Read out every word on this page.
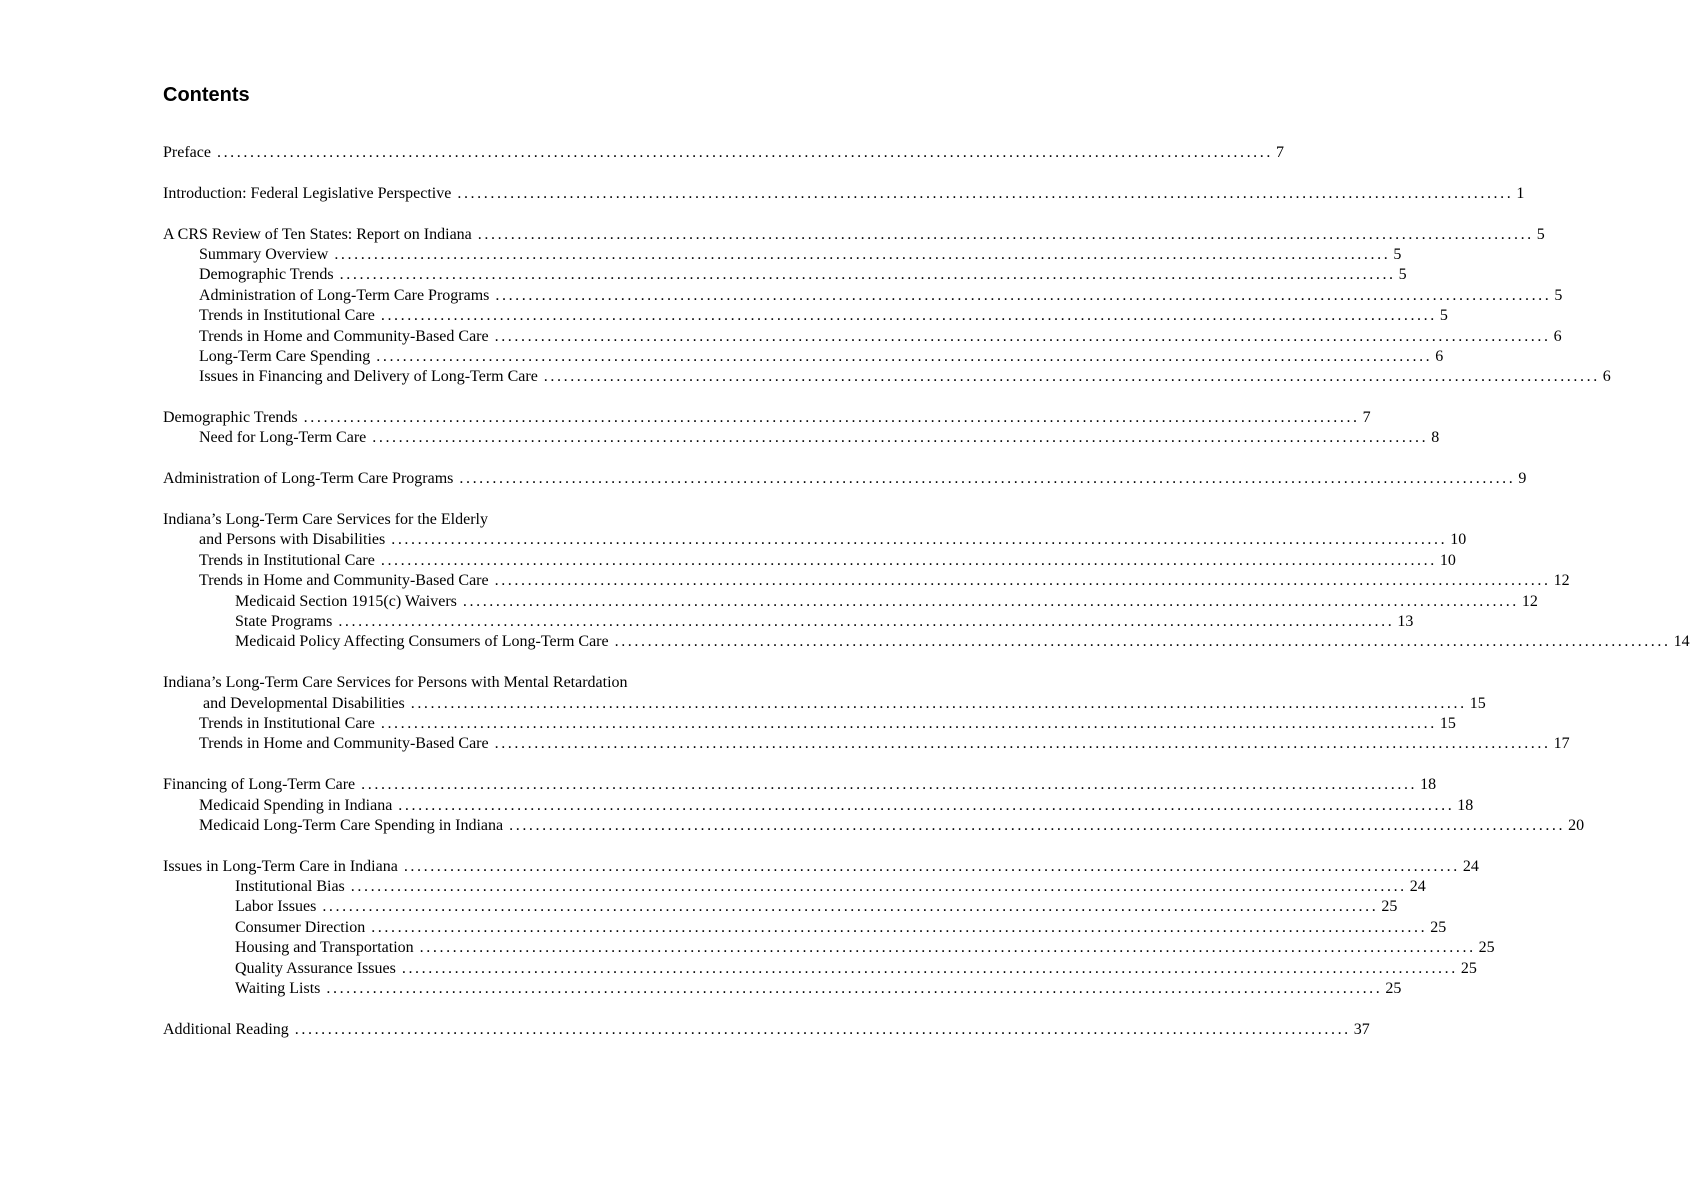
Contents
Preface ................................................................................................................................................................ 7
Introduction: Federal Legislative Perspective ................................................................................................................................................................ 1
A CRS Review of Ten States: Report on Indiana ................................................................................................................................................................ 5
Summary Overview ................................................................................................................................................................ 5
Demographic Trends ................................................................................................................................................................ 5
Administration of Long-Term Care Programs ................................................................................................................................................................ 5
Trends in Institutional Care ................................................................................................................................................................ 5
Trends in Home and Community-Based Care ................................................................................................................................................................ 6
Long-Term Care Spending ................................................................................................................................................................ 6
Issues in Financing and Delivery of Long-Term Care ................................................................................................................................................................ 6
Demographic Trends ................................................................................................................................................................ 7
Need for Long-Term Care ................................................................................................................................................................ 8
Administration of Long-Term Care Programs ................................................................................................................................................................ 9
Indiana’s Long-Term Care Services for the Elderly
and Persons with Disabilities ................................................................................................................................................................ 10
Trends in Institutional Care ................................................................................................................................................................ 10
Trends in Home and Community-Based Care ................................................................................................................................................................ 12
Medicaid Section 1915(c) Waivers ................................................................................................................................................................ 12
State Programs ................................................................................................................................................................ 13
Medicaid Policy Affecting Consumers of Long-Term Care ................................................................................................................................................................ 14
Indiana’s Long-Term Care Services for Persons with Mental Retardation
and Developmental Disabilities ................................................................................................................................................................ 15
Trends in Institutional Care ................................................................................................................................................................ 15
Trends in Home and Community-Based Care ................................................................................................................................................................ 17
Financing of Long-Term Care ................................................................................................................................................................ 18
Medicaid Spending in Indiana ................................................................................................................................................................ 18
Medicaid Long-Term Care Spending in Indiana ................................................................................................................................................................ 20
Issues in Long-Term Care in Indiana ................................................................................................................................................................ 24
Institutional Bias ................................................................................................................................................................ 24
Labor Issues ................................................................................................................................................................ 25
Consumer Direction ................................................................................................................................................................ 25
Housing and Transportation ................................................................................................................................................................ 25
Quality Assurance Issues ................................................................................................................................................................ 25
Waiting Lists ................................................................................................................................................................ 25
Additional Reading ................................................................................................................................................................ 37
